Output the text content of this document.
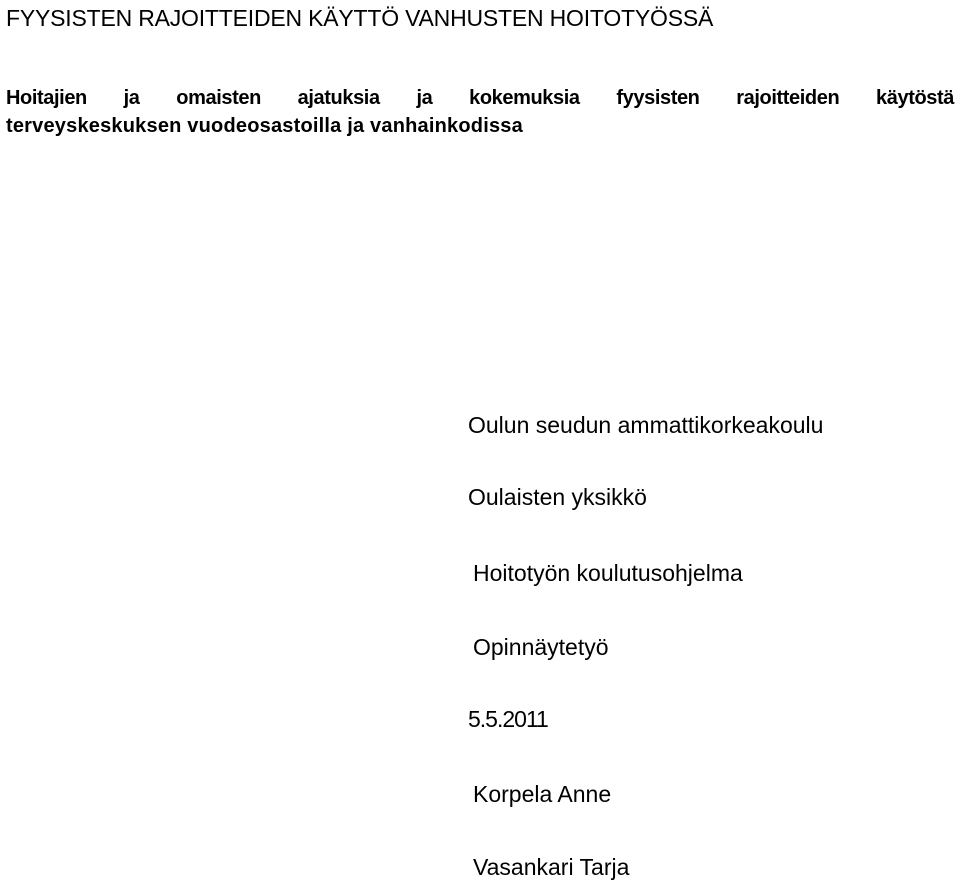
FYYSISTEN RAJOITTEIDEN KÄYTTÖ VANHUSTEN HOITOTYÖSSÄ
Hoitajien ja omaisten ajatuksia ja kokemuksia fyysisten rajoitteiden käytöstä
terveyskeskuksen vuodeosastoilla ja vanhainkodissa
Oulun seudun ammattikorkeakoulu
Oulaisten yksikkö
Hoitotyön koulutusohjelma
Opinnäytetyö
5.5.2011
Korpela Anne
Vasankari Tarja
